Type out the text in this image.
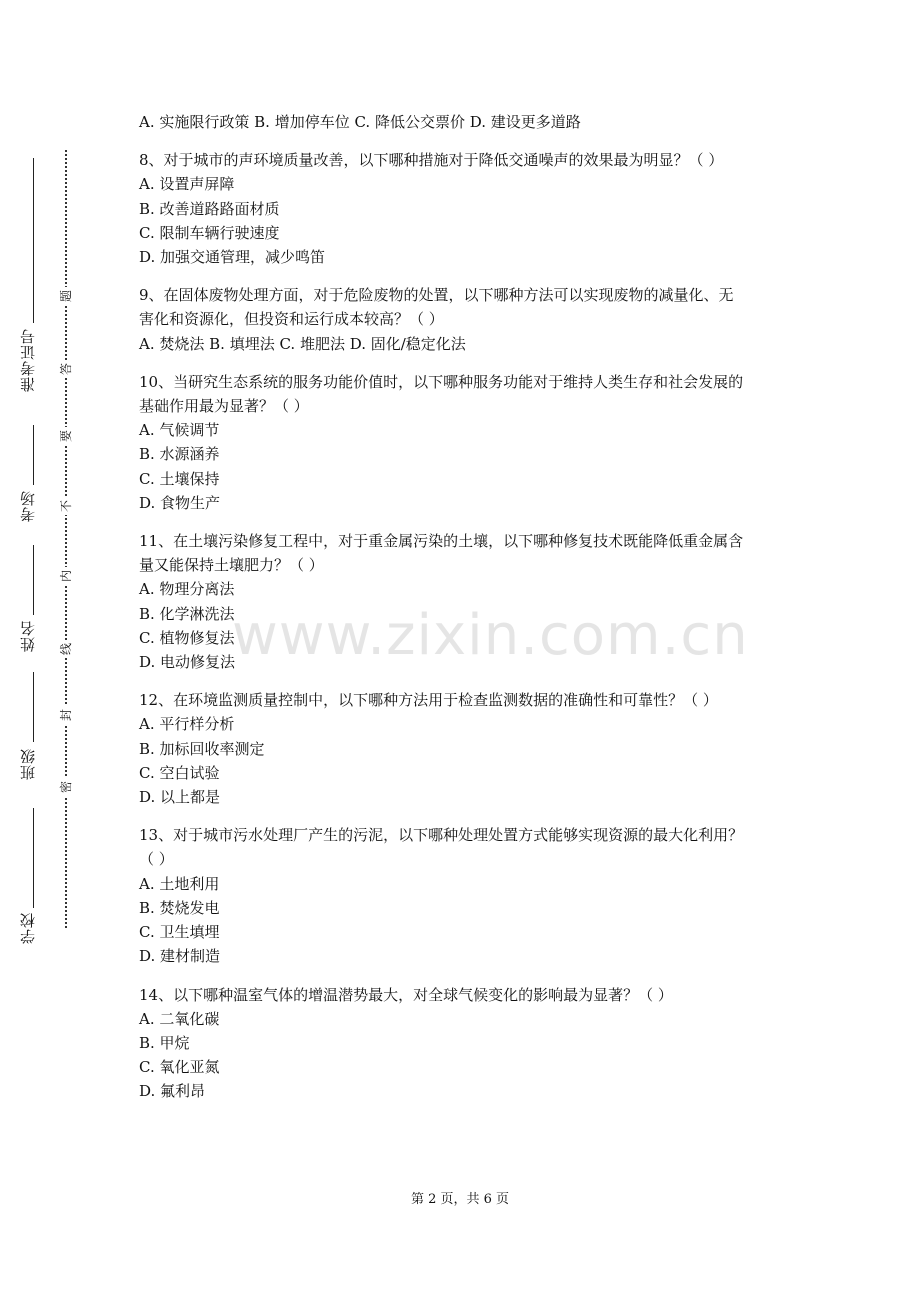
准考证号
考场
姓名
班级
学校
题
答
要
不
内
线
封
密
A. 实施限行政策 B. 增加停车位 C. 降低公交票价 D. 建设更多道路
8、对于城市的声环境质量改善，以下哪种措施对于降低交通噪声的效果最为明显？（ ）
A. 设置声屏障
B. 改善道路路面材质
C. 限制车辆行驶速度
D. 加强交通管理，减少鸣笛
9、在固体废物处理方面，对于危险废物的处置，以下哪种方法可以实现废物的减量化、无
害化和资源化，但投资和运行成本较高？（ ）
A. 焚烧法 B. 填埋法 C. 堆肥法 D. 固化/稳定化法
10、当研究生态系统的服务功能价值时，以下哪种服务功能对于维持人类生存和社会发展的
基础作用最为显著？（ ）
A. 气候调节
B. 水源涵养
C. 土壤保持
D. 食物生产
11、在土壤污染修复工程中，对于重金属污染的土壤，以下哪种修复技术既能降低重金属含
量又能保持土壤肥力？（ ）
A. 物理分离法
B. 化学淋洗法
C. 植物修复法
D. 电动修复法
12、在环境监测质量控制中，以下哪种方法用于检查监测数据的准确性和可靠性？（ ）
A. 平行样分析
B. 加标回收率测定
C. 空白试验
D. 以上都是
13、对于城市污水处理厂产生的污泥，以下哪种处理处置方式能够实现资源的最大化利用？
（ ）
A. 土地利用
B. 焚烧发电
C. 卫生填埋
D. 建材制造
14、以下哪种温室气体的增温潜势最大，对全球气候变化的影响最为显著？（ ）
A. 二氧化碳
B. 甲烷
C. 氧化亚氮
D. 氟利昂
www.zixin.com.cn
第 2 页，共 6 页
